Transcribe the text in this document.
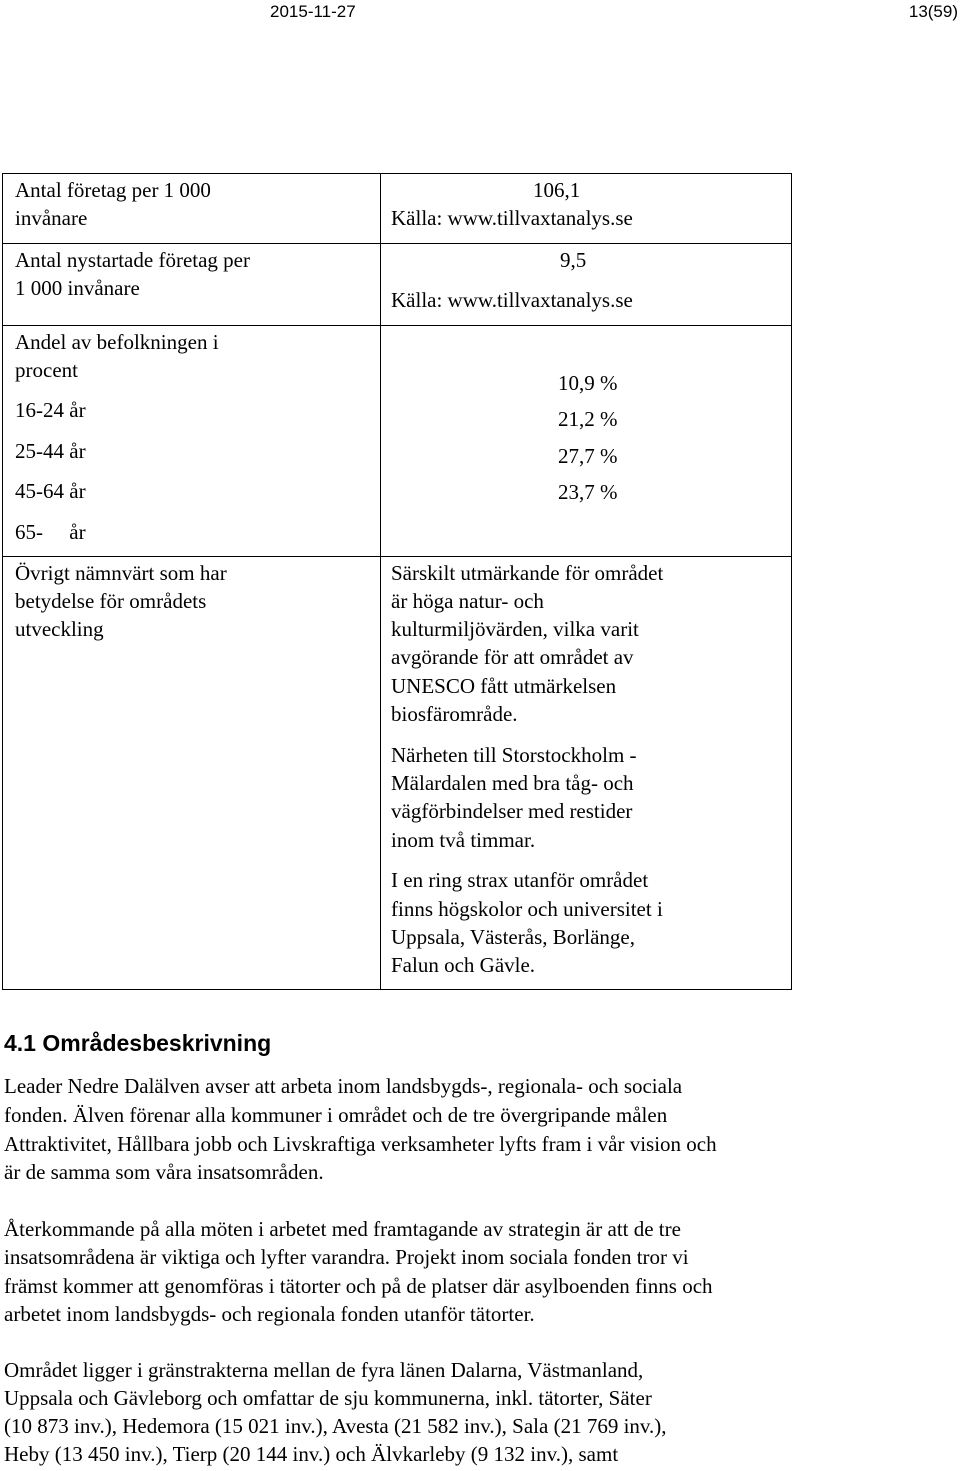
2015-11-27	13(59)
Antal företag per 1 000
invånare
Antal nystartade företag per
1 000 invånare
Andel av befolkningen i
procent
16-24 år
25-44 år
45-64 år
65-     år
Övrigt nämnvärt som har
betydelse för områdets
utveckling
106,1
Källa: www.tillvaxtanalys.se
9,5
Källa: www.tillvaxtanalys.se
10,9 %
21,2 %
27,7 %
23,7 %
Särskilt utmärkande för området
är höga natur- och
kulturmiljövärden, vilka varit
avgörande för att området av
UNESCO fått utmärkelsen
biosfärområde.
Närheten till Storstockholm -
Mälardalen med bra tåg- och
vägförbindelser med restider
inom två timmar.
I en ring strax utanför området
finns högskolor och universitet i
Uppsala, Västerås, Borlänge,
Falun och Gävle.
4.1 Områdesbeskrivning
Leader Nedre Dalälven avser att arbeta inom landsbygds-, regionala- och sociala
fonden. Älven förenar alla kommuner i området och de tre övergripande målen
Attraktivitet, Hållbara jobb och Livskraftiga verksamheter lyfts fram i vår vision och
är de samma som våra insatsområden.
Återkommande på alla möten i arbetet med framtagande av strategin är att de tre
insatsområdena är viktiga och lyfter varandra. Projekt inom sociala fonden tror vi
främst kommer att genomföras i tätorter och på de platser där asylboenden finns och
arbetet inom landsbygds- och regionala fonden utanför tätorter.
Området ligger i gränstrakterna mellan de fyra länen Dalarna, Västmanland,
Uppsala och Gävleborg och omfattar de sju kommunerna, inkl. tätorter, Säter
(10 873 inv.), Hedemora (15 021 inv.), Avesta (21 582 inv.), Sala (21 769 inv.),
Heby (13 450 inv.), Tierp (20 144 inv.) och Älvkarleby (9 132 inv.), samt
